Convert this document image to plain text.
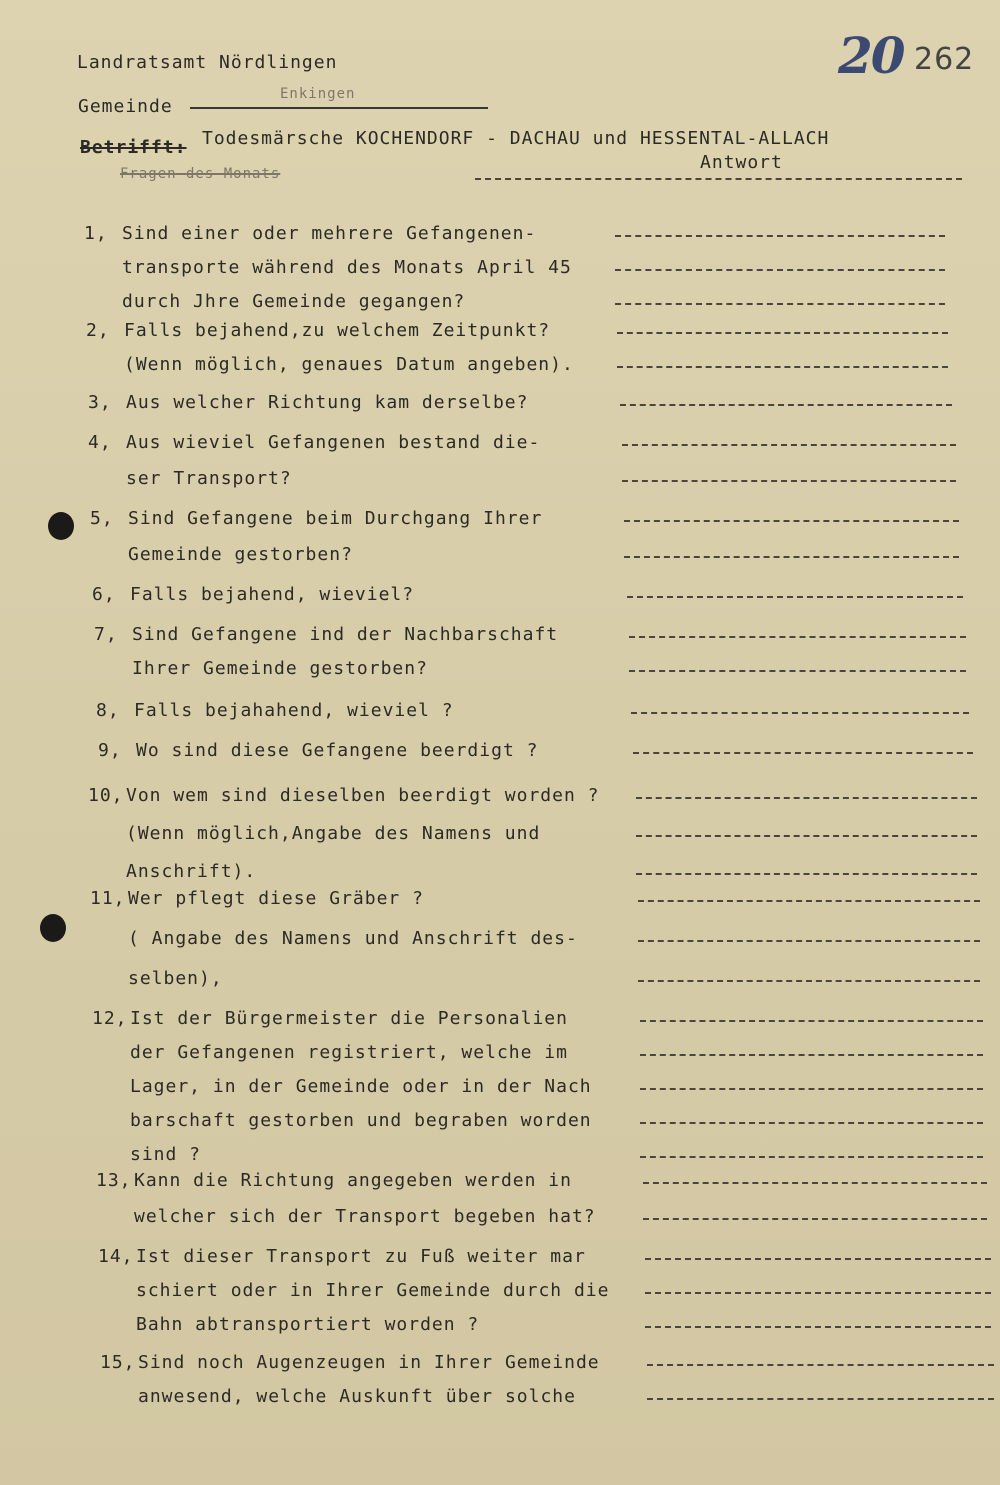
20 262
Landratsamt Nördlingen
Gemeinde
Enkingen
Betrifft: Todesmärsche KOCHENDORF - DACHAU und HESSENTAL-ALLACH
Fragen des Monats
Antwort
1, Sind einer oder mehrere Gefangenen-
transporte während des Monats April 45
durch Jhre Gemeinde gegangen?
2, Falls bejahend,zu welchem Zeitpunkt?
(Wenn möglich, genaues Datum angeben).
3, Aus welcher Richtung kam derselbe?
4, Aus wieviel Gefangenen bestand die-
ser Transport?
5, Sind Gefangene beim Durchgang Ihrer
Gemeinde gestorben?
6, Falls bejahend, wieviel?
7, Sind Gefangene ind der Nachbarschaft
Ihrer Gemeinde gestorben?
8, Falls bejahahend, wieviel ?
9, Wo sind diese Gefangene beerdigt ?
10, Von wem sind dieselben beerdigt worden ?
(Wenn möglich,Angabe des Namens und
Anschrift).
11, Wer pflegt diese Gräber ?
( Angabe des Namens und Anschrift des-
selben),
12, Ist der Bürgermeister die Personalien
der Gefangenen registriert, welche im
Lager, in der Gemeinde oder in der Nach
barschaft gestorben und begraben worden
sind ?
13, Kann die Richtung angegeben werden in
welcher sich der Transport begeben hat?
14, Ist dieser Transport zu Fuß weiter mar
schiert oder in Ihrer Gemeinde durch die
Bahn abtransportiert worden ?
15, Sind noch Augenzeugen in Ihrer Gemeinde
anwesend, welche Auskunft über solche
